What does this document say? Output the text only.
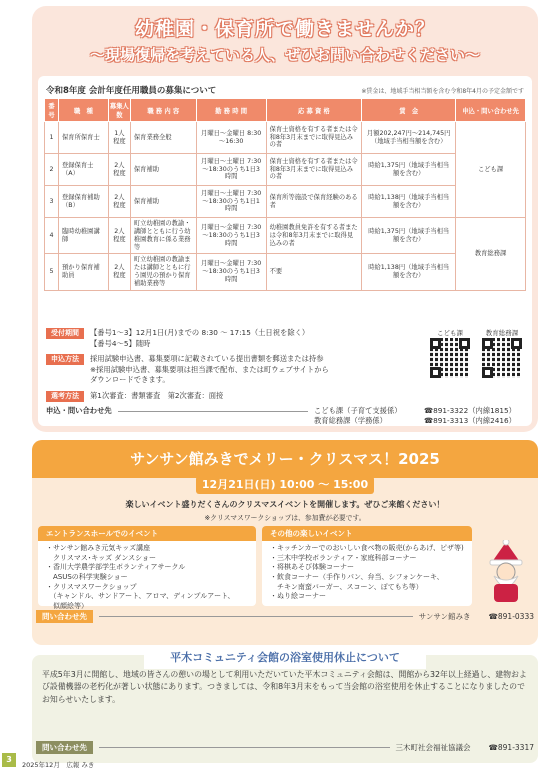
幼稚園・保育所で働きませんか？
～現場復帰を考えている人、ぜひお問い合わせください～
令和8年度 会計年度任用職員の募集について	※賃金は、地域手当相当額を含む令和8年4月の予定金額です
番号	職　種	募集人数	職 務 内 容	勤 務 時 間	応 募 資 格	賃　金	申込・問い合わせ先
1	保育所保育士	1人程度	保育業務全般	月曜日～金曜日 8:30～16:30	保育士資格を有する者または令和8年3月末までに取得見込みの者	月額202,247円～214,745円（地域手当相当額を含む）	こども課
2	登録保育士（A）	2人程度	保育補助	月曜日～土曜日 7:30～18:30のうち1日3時間	保育士資格を有する者または令和8年3月末までに取得見込みの者	時給1,375円（地域手当相当額を含む）	
3	登録保育補助（B）	2人程度	保育補助	月曜日～土曜日 7:30～18:30のうち1日1時間	保育所等施設で保育経験のある者	時給1,138円（地域手当相当額を含む）	
4	臨時幼稚園講師	2人程度	町立幼稚園の教諭・講師とともに行う幼稚園教育に係る業務等	月曜日～金曜日 7:30～18:30のうち1日3時間	幼稚園教員免許を有する者または令和8年3月末までに取得見込みの者	時給1,375円（地域手当相当額を含む）	教育総務課
5	預かり保育補助員	2人程度	町立幼稚園の教諭または講師とともに行う園児の預かり保育補助業務等	月曜日～金曜日 7:30～18:30のうち1日3時間	不要	時給1,138円（地域手当相当額を含む）	
受付期間 【番号1～3】12月1日(月)までの 8:30 ～ 17:15（土日祝を除く）
【番号4～5】随時
申込方法 採用試験申込書、募集要項に記載されている提出書類を郵送または持参
※採用試験申込書、募集要項は担当課で配布、または町ウェブサイトから
ダウンロードできます。
選考方法 第1次審査：書類審査　第2次審査：面接
こども課	教育総務課
申込・問い合わせ先	こども課（子育て支援係）	☎891-3322（内線1815）
教育総務課（学務係）	☎891-3313（内線2416）
サンサン館みきでメリー・クリスマス！2025
12月21日(日) 10:00 ～ 15:00
楽しいイベント盛りだくさんのクリスマスイベントを開催します。ぜひご来館ください！
※クリスマスワークショップは、参加費が必要です。
エントランスホールでのイベント
・サンサン館みき元気キッズ講座
　クリスマス･キッズ ダンスショー
・香川大学農学部学生ボランティアサークル
　ASUSの科学実験ショー
・クリスマスワークショップ
　（キャンドル、サンドアート、アロマ、ディンプルアート、
　似顔絵等）
その他の楽しいイベント
・キッチンカーでのおいしい食べ物の販売(からあげ、ピザ等)
・三木中学校ボランティア・家庭科部コーナー
・将棋あそび体験コーナー
・飲食コーナー（手作りパン、弁当、シフォンケーキ、
　チキン南蛮バーガー、スコーン、ぽてもち等）
・ぬり絵コーナー
問い合わせ先	サンサン館みき ☎891-0333
平木コミュニティ会館の浴室使用休止について
平成5年3月に開館し、地域の皆さんの憩いの場として利用いただいていた平木コミュニティ会館は、開館から32年以上経過し、建物および設備機器の老朽化が著しい状態にあります。つきましては、令和8年3月末をもって当会館の浴室使用を休止することになりましたのでお知らせいたします。
問い合わせ先	三木町社会福祉協議会 ☎891-3317
3
2025年12月　広報 みき
